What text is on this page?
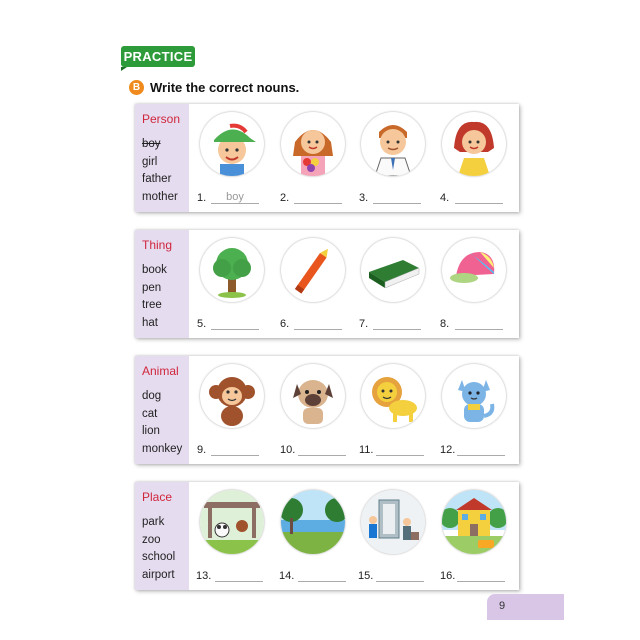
PRACTICE
B Write the correct nouns.
Person
boy
girl
father
mother 1.	boy	2.	3.	4.
Thing
book
pen
tree
hat	5.	6.	7.	8.
Animal
dog
cat
lion
monkey 9.	10.	11.	12.
Place
park
zoo
school
airport 13.	14.	15.	16.
9
